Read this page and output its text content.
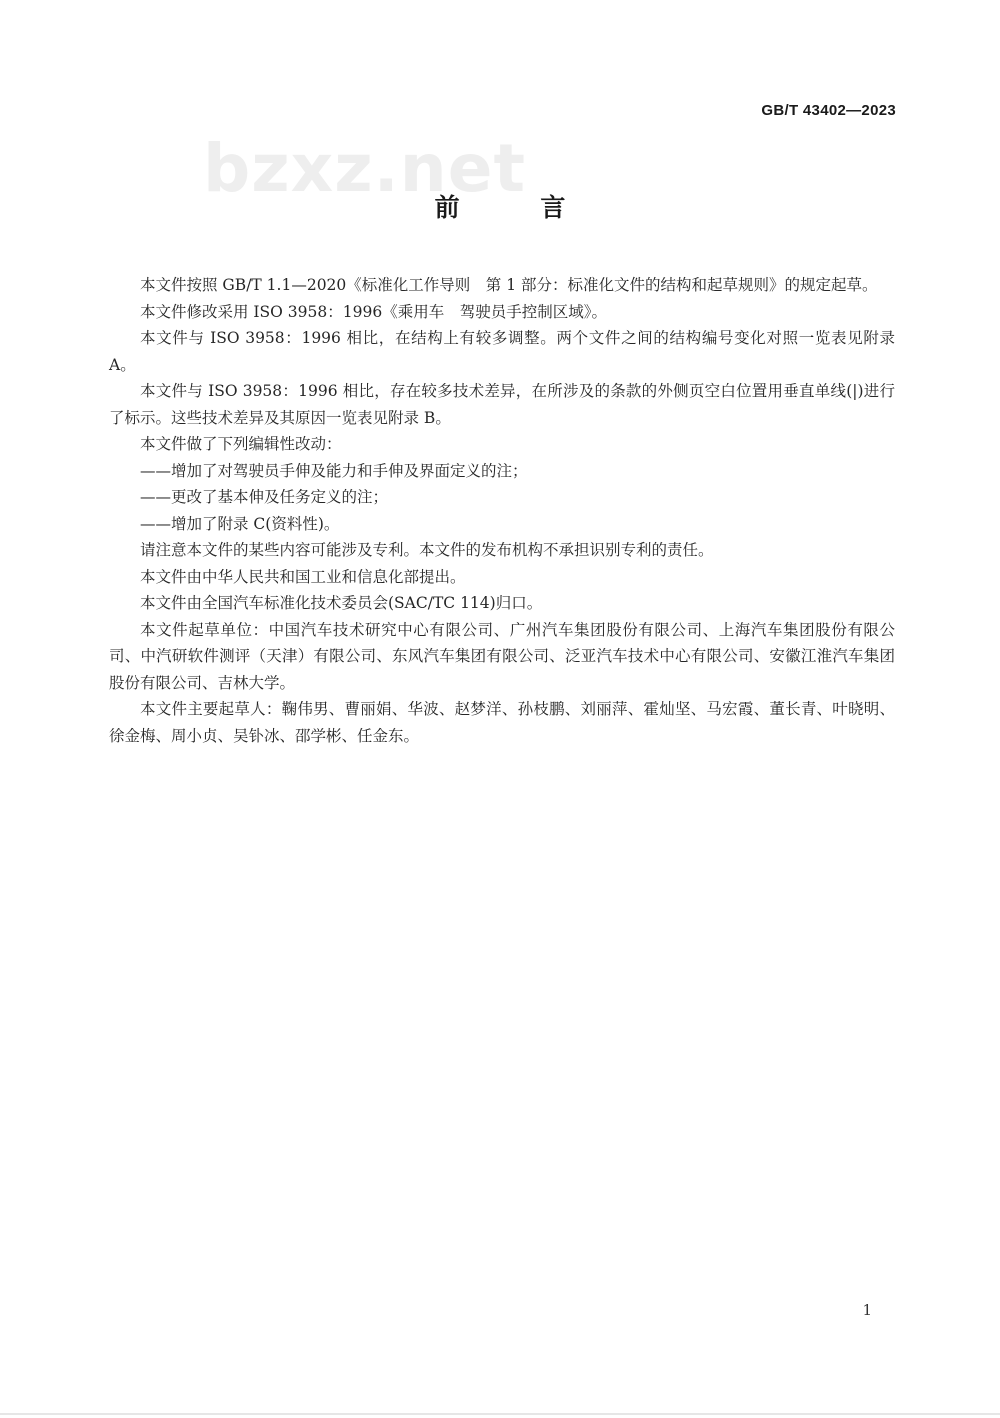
GB/T 43402—2023
bzxz.net
前 言

本文件按照 GB/T 1.1—2020《标准化工作导则　第 1 部分：标准化文件的结构和起草规则》的规定起草。

本文件修改采用 ISO 3958：1996《乘用车　驾驶员手控制区域》。

本文件与 ISO 3958：1996 相比，在结构上有较多调整。两个文件之间的结构编号变化对照一览表见附录 A。

本文件与 ISO 3958：1996 相比，存在较多技术差异，在所涉及的条款的外侧页空白位置用垂直单线(|)进行了标示。这些技术差异及其原因一览表见附录 B。

本文件做了下列编辑性改动：

——增加了对驾驶员手伸及能力和手伸及界面定义的注；

——更改了基本伸及任务定义的注；

——增加了附录 C(资料性)。

请注意本文件的某些内容可能涉及专利。本文件的发布机构不承担识别专利的责任。

本文件由中华人民共和国工业和信息化部提出。

本文件由全国汽车标准化技术委员会(SAC/TC 114)归口。

本文件起草单位：中国汽车技术研究中心有限公司、广州汽车集团股份有限公司、上海汽车集团股份有限公司、中汽研软件测评（天津）有限公司、东风汽车集团有限公司、泛亚汽车技术中心有限公司、安徽江淮汽车集团股份有限公司、吉林大学。

本文件主要起草人：鞠伟男、曹丽娟、华波、赵梦洋、孙枝鹏、刘丽萍、霍灿坚、马宏霞、董长青、叶晓明、徐金梅、周小贞、吴钋冰、邵学彬、任金东。

1
